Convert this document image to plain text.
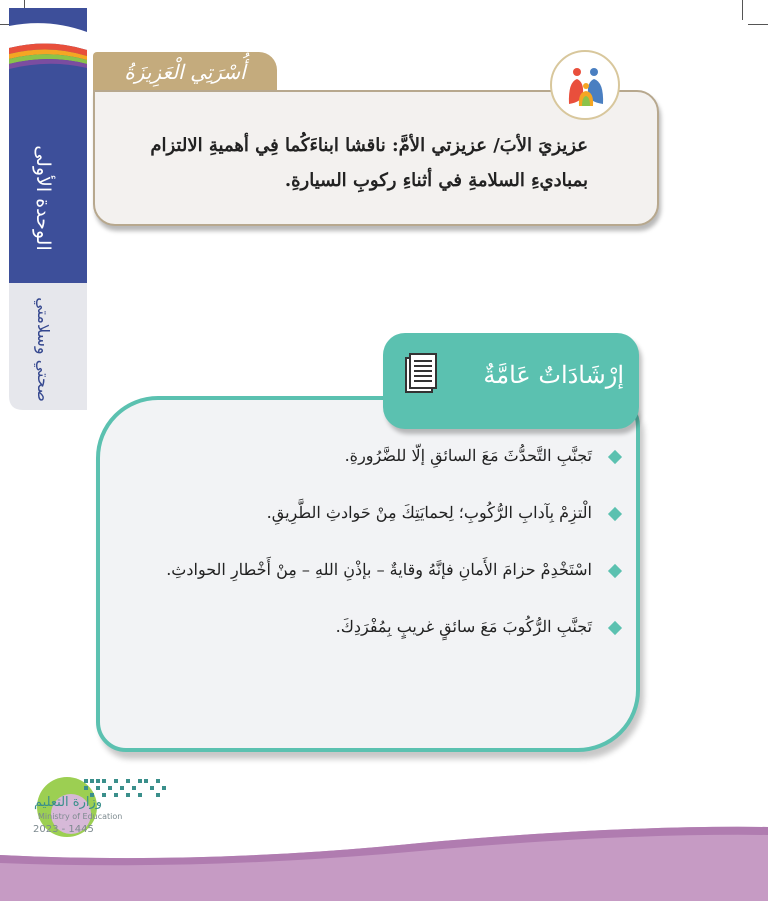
الوحدة الأولى
صحتي وسلامتي
أُسْرَتِي الْعَزِيزَةُ
عزيزيَ الأبَ/ عزيزتي الأمَّ: ناقشا ابناءَكُما فِي أهميةِ الالتزام
بمباديءِ السلامةِ في أثناءِ ركوبِ السيارةِ.
إرْشَادَاتٌ عَامَّةٌ
تَجنَّبِ التَّحدُّثَ مَعَ السائقِ إلّا للضَّرُورةِ.
الْتزِمْ بِآدابِ الرُّكُوبِ؛ لِحمايَتِكَ مِنْ حَوادثِ الطَّرِيقِ.
اسْتَخْدِمْ حزامَ الأَمانِ فإنَّهُ وقايةٌ – بإذْنِ اللهِ – مِنْ أَخْطارِ الحوادثِ.
تَجنَّبِ الرُّكُوبَ مَعَ سائقٍ غريبٍ بِمُفْرَدِكَ.
وزارة التعليم
Ministry of Education
2023 - 1445
